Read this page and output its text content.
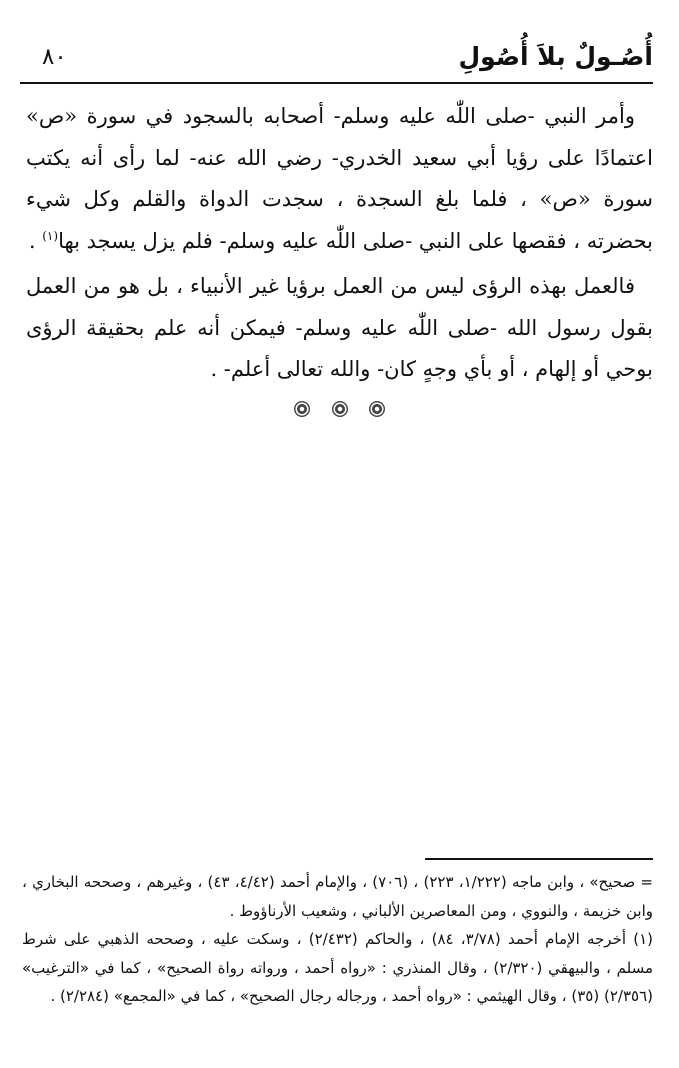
أُصُـولٌ بلاَ أُصُولِ
٨٠

وأمر النبي -صلى اللّٰه عليه وسلم- أصحابه بالسجود في سورة «ص» اعتمادًا على رؤيا أبي سعيد الخدري- رضي الله عنه- لما رأى أنه يكتب سورة «ص» ، فلما بلغ السجدة ، سجدت الدواة والقلم وكل شيء بحضرته ، فقصها على النبي -صلى اللّٰه عليه وسلم- فلم يزل يسجد بها$^{(١)}$ .

فالعمل بهذه الرؤى ليس من العمل برؤيا غير الأنبياء ، بل هو من العمل بقول رسول الله -صلى اللّٰه عليه وسلم- فيمكن أنه علم بحقيقة الرؤى بوحي أو إلهام ، أو بأي وجهٍ كان- والله تعالى أعلم- .

= صحيح» ، وابن ماجه (١/٢٢٢، ٢٢٣) ، (٧٠٦) ، والإمام أحمد (٤/٤٢، ٤٣) ، وغيرهم ، وصححه البخاري ، وابن خزيمة ، والنووي ، ومن المعاصرين الألباني ، وشعيب الأرناؤوط .

(١) أخرجه الإمام أحمد (٣/٧٨، ٨٤) ، والحاكم (٢/٤٣٢) ، وسكت عليه ، وصححه الذهبي على شرط مسلم ، والبيهقي (٢/٣٢٠) ، وقال المنذري : «رواه أحمد ، ورواته رواة الصحيح» ، كما في «الترغيب» (٢/٣٥٦) (٣٥) ، وقال الهيثمي : «رواه أحمد ، ورجاله رجال الصحيح» ، كما في «المجمع» (٢/٢٨٤) .
